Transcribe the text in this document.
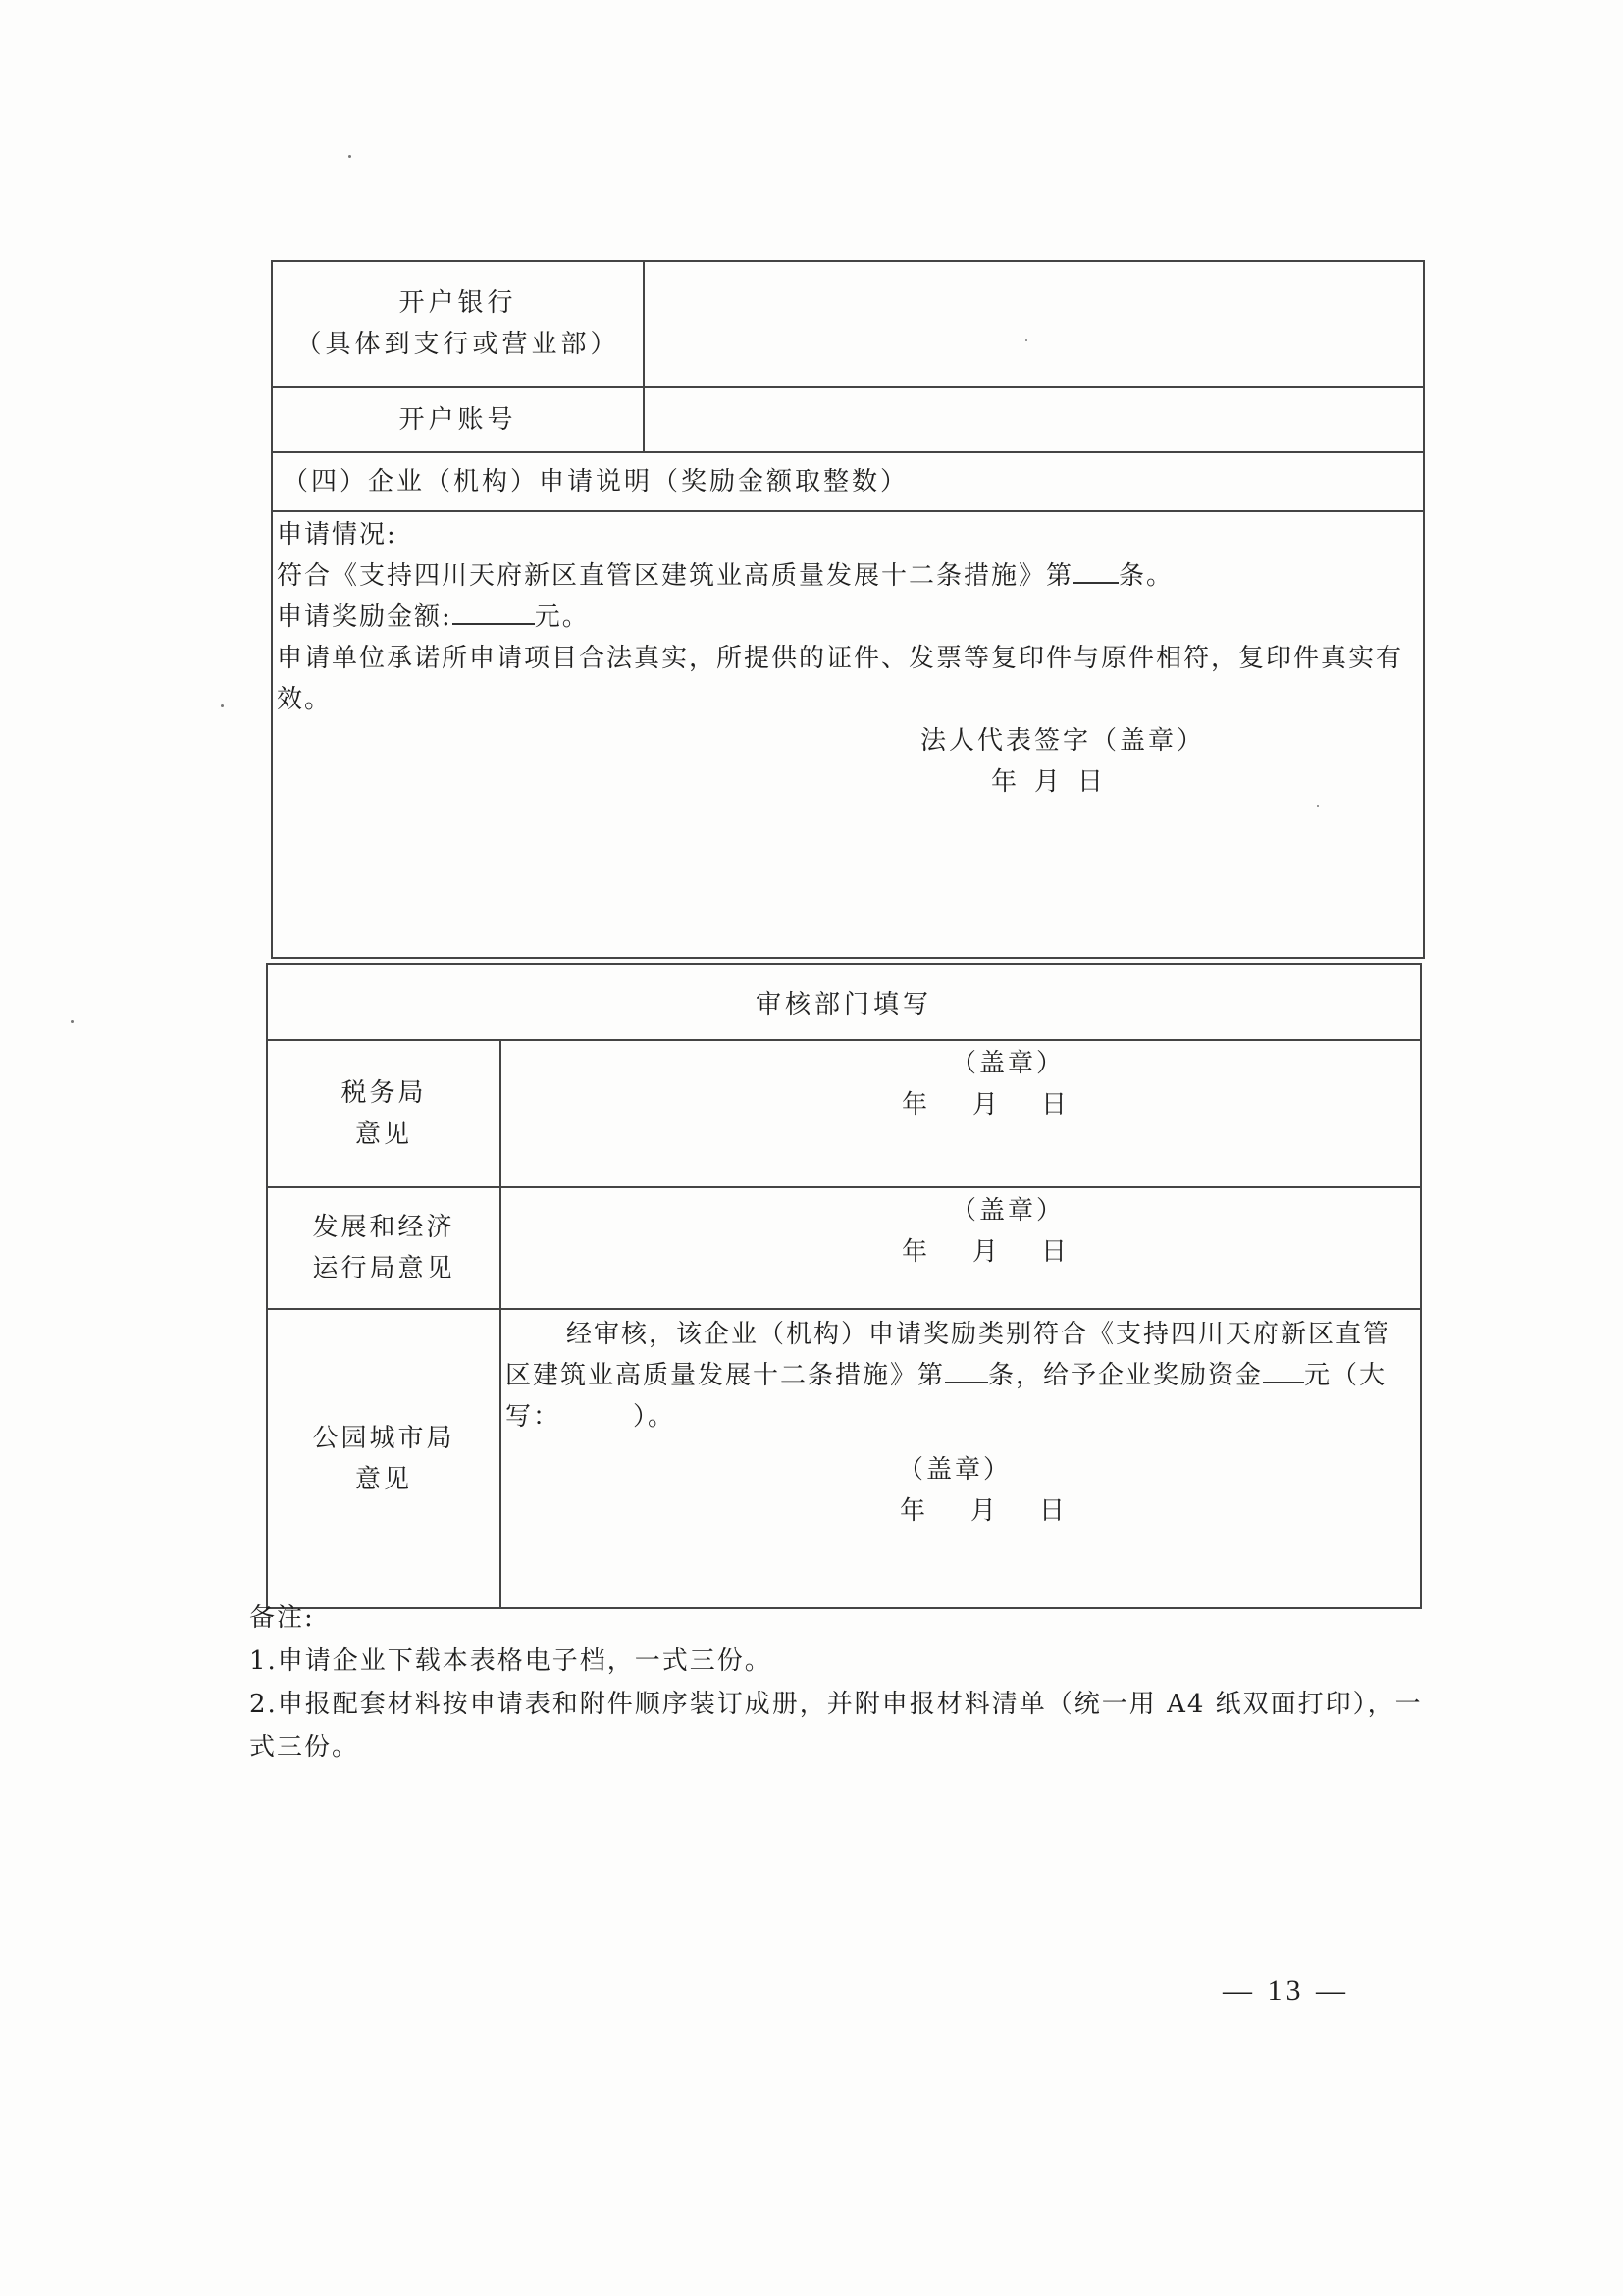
开户银行
（具体到支行或营业部）
开户账号
（四）企业（机构）申请说明（奖励金额取整数）

申请情况:

符合《支持四川天府新区直管区建筑业高质量发展十二条措施》第 条。

申请奖励金额:	元。

申请单位承诺所申请项目合法真实，所提供的证件、发票等复印件与原件相符，复印件真实有

效。

法人代表签字（盖章）
年 月 日
审核部门填写
税务局
意见
（盖章）
年 月 日
发展和经济
运行局意见
（盖章）
年 月 日
公园城市局
意见

经审核，该企业（机构）申请奖励类别符合《支持四川天府新区直管

区建筑业高质量发展十二条措施》第 条，给予企业奖励资金 元（大

写：	）。

（盖章）
年 月 日

备注:

1.申请企业下载本表格电子档，一式三份。

2.申报配套材料按申请表和附件顺序装订成册，并附申报材料清单（统一用 A4 纸双面打印），一

式三份。

— 13 —
